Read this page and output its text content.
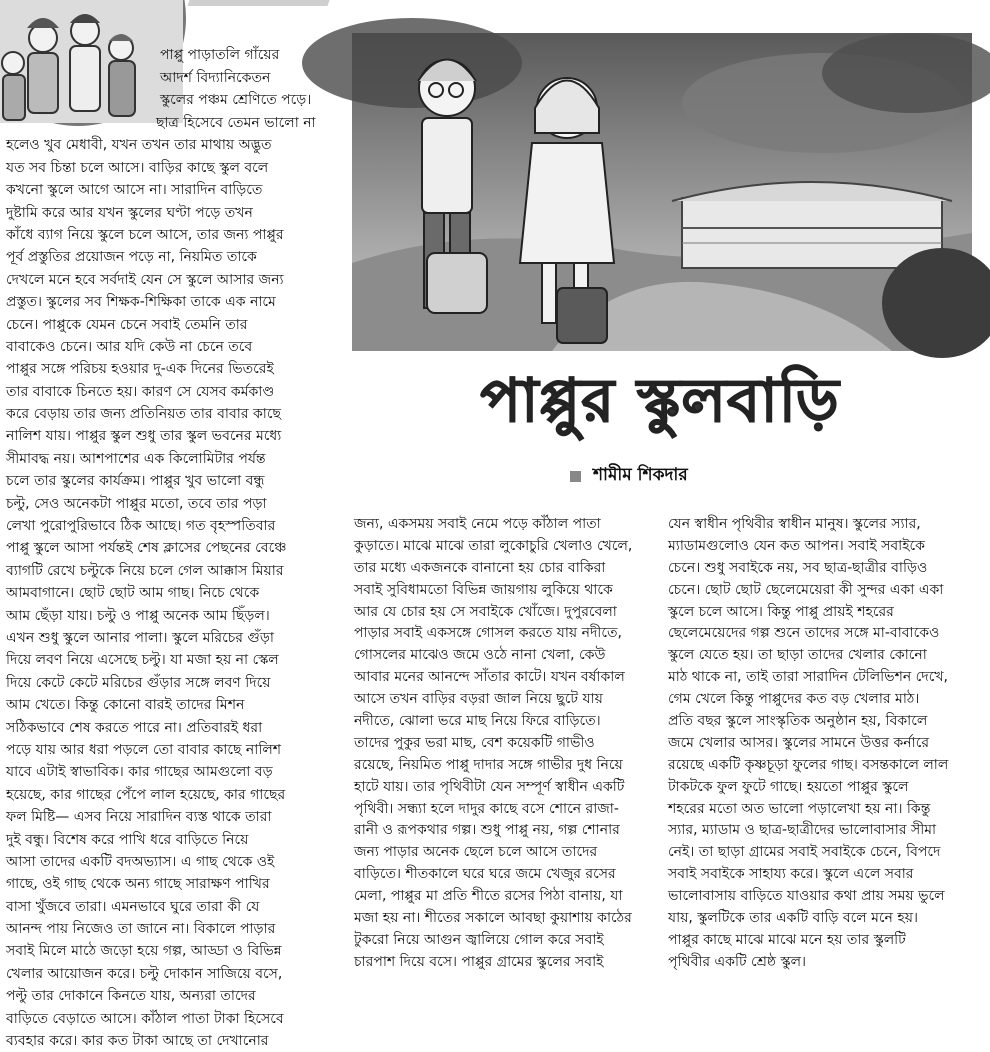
পাপ্পু পাড়াতলি গাঁয়ের
আদর্শ বিদ্যানিকেতন
স্কুলের পঞ্চম শ্রেণিতে পড়ে।
ছাত্র হিসেবে তেমন ভালো না
হলেও খুব মেধাবী, যখন তখন তার মাথায় অদ্ভুত
যত সব চিন্তা চলে আসে। বাড়ির কাছে স্কুল বলে
কখনো স্কুলে আগে আসে না। সারাদিন বাড়িতে
দুষ্টামি করে আর যখন স্কুলের ঘণ্টা পড়ে তখন
কাঁধে ব্যাগ নিয়ে স্কুলে চলে আসে, তার জন্য পাপ্পুর
পূর্ব প্রস্তুতির প্রয়োজন পড়ে না, নিয়মিত তাকে
দেখলে মনে হবে সর্বদাই যেন সে স্কুলে আসার জন্য
প্রস্তুত। স্কুলের সব শিক্ষক-শিক্ষিকা তাকে এক নামে
চেনে। পাপ্পুকে যেমন চেনে সবাই তেমনি তার
বাবাকেও চেনে। আর যদি কেউ না চেনে তবে
পাপ্পুর সঙ্গে পরিচয় হওয়ার দু-এক দিনের ভিতরেই
তার বাবাকে চিনতে হয়। কারণ সে যেসব কর্মকাণ্ড
করে বেড়ায় তার জন্য প্রতিনিয়ত তার বাবার কাছে
নালিশ যায়। পাপ্পুর স্কুল শুধু তার স্কুল ভবনের মধ্যে
সীমাবদ্ধ নয়। আশপাশের এক কিলোমিটার পর্যন্ত
চলে তার স্কুলের কার্যক্রম। পাপ্পুর খুব ভালো বন্ধু
চল্টু, সেও অনেকটা পাপ্পুর মতো, তবে তার পড়া
লেখা পুরোপুরিভাবে ঠিক আছে। গত বৃহস্পতিবার
পাপ্পু স্কুলে আসা পর্যন্তই শেষ ক্লাসের পেছনের বেঞ্চে
ব্যাগটি রেখে চল্টুকে নিয়ে চলে গেল আক্কাস মিয়ার
আমবাগানে। ছোট ছোট আম গাছ। নিচে থেকে
আম ছেঁড়া যায়। চল্টু ও পাপ্পু অনেক আম ছিঁড়ল।
এখন শুধু স্কুলে আনার পালা। স্কুলে মরিচের গুঁড়া
দিয়ে লবণ নিয়ে এসেছে চল্টু। যা মজা হয় না স্কেল
দিয়ে কেটে কেটে মরিচের গুঁড়ার সঙ্গে লবণ দিয়ে
আম খেতে। কিন্তু কোনো বারই তাদের মিশন
সঠিকভাবে শেষ করতে পারে না। প্রতিবারই ধরা
পড়ে যায় আর ধরা পড়লে তো বাবার কাছে নালিশ
যাবে এটাই স্বাভাবিক। কার গাছের আমগুলো বড়
হয়েছে, কার গাছের পেঁপে লাল হয়েছে, কার গাছের
ফল মিষ্টি— এসব নিয়ে সারাদিন ব্যস্ত থাকে তারা
দুই বন্ধু। বিশেষ করে পাখি ধরে বাড়িতে নিয়ে
আসা তাদের একটি বদঅভ্যাস। এ গাছ থেকে ওই
গাছে, ওই গাছ থেকে অন্য গাছে সারাক্ষণ পাখির
বাসা খুঁজবে তারা। এমনভাবে ঘুরে তারা কী যে
আনন্দ পায় নিজেও তা জানে না। বিকালে পাড়ার
সবাই মিলে মাঠে জড়ো হয়ে গল্প, আড্ডা ও বিভিন্ন
খেলার আয়োজন করে। চল্টু দোকান সাজিয়ে বসে,
পল্টু তার দোকানে কিনতে যায়, অন্যরা তাদের
বাড়িতে বেড়াতে আসে। কাঁঠাল পাতা টাকা হিসেবে
ব্যবহার করে। কার কত টাকা আছে তা দেখানোর
পাপ্পুর স্কুলবাড়ি
শামীম শিকদার
জন্য, একসময় সবাই নেমে পড়ে কাঁঠাল পাতা
কুড়াতে। মাঝে মাঝে তারা লুকোচুরি খেলাও খেলে,
তার মধ্যে একজনকে বানানো হয় চোর বাকিরা
সবাই সুবিধামতো বিভিন্ন জায়গায় লুকিয়ে থাকে
আর যে চোর হয় সে সবাইকে খোঁজে। দুপুরবেলা
পাড়ার সবাই একসঙ্গে গোসল করতে যায় নদীতে,
গোসলের মাঝেও জমে ওঠে নানা খেলা, কেউ
আবার মনের আনন্দে সাঁতার কাটে। যখন বর্ষাকাল
আসে তখন বাড়ির বড়রা জাল নিয়ে ছুটে যায়
নদীতে, ঝোলা ভরে মাছ নিয়ে ফিরে বাড়িতে।
তাদের পুকুর ভরা মাছ, বেশ কয়েকটি গাভীও
রয়েছে, নিয়মিত পাপ্পু দাদার সঙ্গে গাভীর দুধ নিয়ে
হাটে যায়। তার পৃথিবীটা যেন সম্পূর্ণ স্বাধীন একটি
পৃথিবী। সন্ধ্যা হলে দাদুর কাছে বসে শোনে রাজা-
রানী ও রূপকথার গল্প। শুধু পাপ্পু নয়, গল্প শোনার
জন্য পাড়ার অনেক ছেলে চলে আসে তাদের
বাড়িতে। শীতকালে ঘরে ঘরে জমে খেজুর রসের
মেলা, পাপ্পুর মা প্রতি শীতে রসের পিঠা বানায়, যা
মজা হয় না। শীতের সকালে আবছা কুয়াশায় কাঠের
টুকরো নিয়ে আগুন জ্বালিয়ে গোল করে সবাই
চারপাশ দিয়ে বসে। পাপ্পুর গ্রামের স্কুলের সবাই
যেন স্বাধীন পৃথিবীর স্বাধীন মানুষ। স্কুলের স্যার,
ম্যাডামগুলোও যেন কত আপন। সবাই সবাইকে
চেনে। শুধু সবাইকে নয়, সব ছাত্র-ছাত্রীর বাড়িও
চেনে। ছোট ছোট ছেলেমেয়েরা কী সুন্দর একা একা
স্কুলে চলে আসে। কিন্তু পাপ্পু প্রায়ই শহরের
ছেলেমেয়েদের গল্প শুনে তাদের সঙ্গে মা-বাবাকেও
স্কুলে যেতে হয়। তা ছাড়া তাদের খেলার কোনো
মাঠ থাকে না, তাই তারা সারাদিন টেলিভিশন দেখে,
গেম খেলে কিন্তু পাপ্পুদের কত বড় খেলার মাঠ।
প্রতি বছর স্কুলে সাংস্কৃতিক অনুষ্ঠান হয়, বিকালে
জমে খেলার আসর। স্কুলের সামনে উত্তর কর্নারে
রয়েছে একটি কৃষ্ণচূড়া ফুলের গাছ। বসন্তকালে লাল
টাকটকে ফুল ফুটে গাছে। হয়তো পাপ্পুর স্কুলে
শহরের মতো অত ভালো পড়ালেখা হয় না। কিন্তু
স্যার, ম্যাডাম ও ছাত্র-ছাত্রীদের ভালোবাসার সীমা
নেই। তা ছাড়া গ্রামের সবাই সবাইকে চেনে, বিপদে
সবাই সবাইকে সাহায্য করে। স্কুলে এলে সবার
ভালোবাসায় বাড়িতে যাওয়ার কথা প্রায় সময় ভুলে
যায়, স্কুলটিকে তার একটি বাড়ি বলে মনে হয়।
পাপ্পুর কাছে মাঝে মাঝে মনে হয় তার স্কুলটি
পৃথিবীর একটি শ্রেষ্ঠ স্কুল।
